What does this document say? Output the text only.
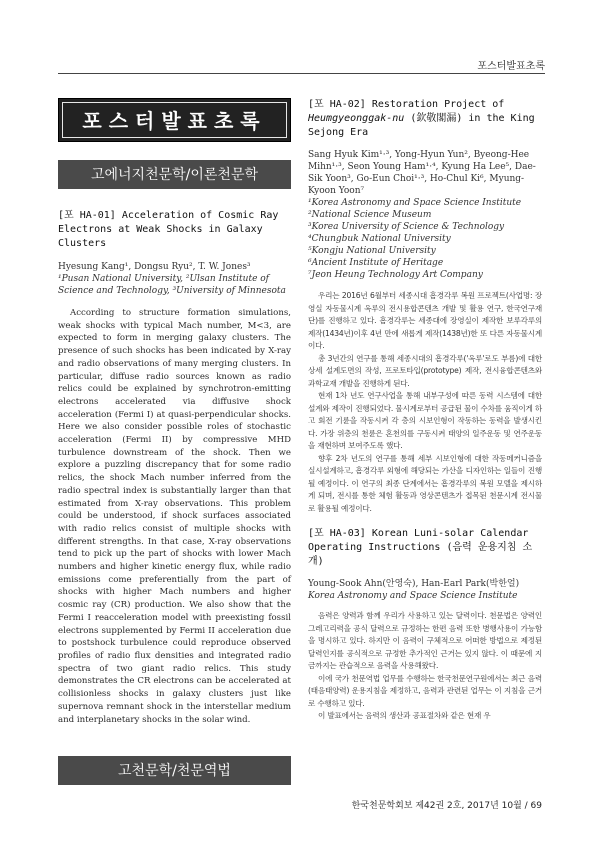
포스터발표초록
포스터발표초록
고에너지천문학/이론천문학
[포 HA-01] Acceleration of Cosmic Ray Electrons at Weak Shocks in Galaxy Clusters
Hyesung Kang¹, Dongsu Ryu², T. W. Jones³
¹Pusan National University, ²Ulsan Institute of Science and Technology, ³University of Minnesota

According to structure formation simulations, weak shocks with typical Mach number, M<3, are expected to form in merging galaxy clusters. The presence of such shocks has been indicated by X-ray and radio observations of many merging clusters. In particular, diffuse radio sources known as radio relics could be explained by synchrotron-emitting electrons accelerated via diffusive shock acceleration (Fermi I) at quasi-perpendicular shocks. Here we also consider possible roles of stochastic acceleration (Fermi II) by compressive MHD turbulence downstream of the shock. Then we explore a puzzling discrepancy that for some radio relics, the shock Mach number inferred from the radio spectral index is substantially larger than that estimated from X-ray observations. This problem could be understood, if shock surfaces associated with radio relics consist of multiple shocks with different strengths. In that case, X-ray observations tend to pick up the part of shocks with lower Mach numbers and higher kinetic energy flux, while radio emissions come preferentially from the part of shocks with higher Mach numbers and higher cosmic ray (CR) production. We also show that the Fermi I reacceleration model with preexisting fossil electrons supplemented by Fermi II acceleration due to postshock turbulence could reproduce observed profiles of radio flux densities and integrated radio spectra of two giant radio relics. This study demonstrates the CR electrons can be accelerated at collisionless shocks in galaxy clusters just like supernova remnant shock in the interstellar medium and interplanetary shocks in the solar wind.

고천문학/천문역법
[포 HA-02] Restoration Project of Heumgyeonggak-nu (欽敬閣漏) in the King Sejong Era
Sang Hyuk Kim¹·³, Yong-Hyun Yun², Byeong-Hee Mihn¹·³, Seon Young Ham¹·⁴, Kyung Ha Lee⁵, Dae-Sik Yoon³, Go-Eun Choi¹·³, Ho-Chul Ki⁶, Myung-Kyoon Yoon⁷
¹Korea Astronomy and Space Science Institute
²National Science Museum
³Korea University of Science & Technology
⁴Chungbuk National University
⁵Kongju National University
⁶Ancient Institute of Heritage
⁷Jeon Heung Technology Art Company

우리는 2016년 6월부터 세종시대 흠경각루 복원 프로젝트(사업명: 장영실 자동물시계 옥루의 전시용합콘텐츠 개발 및 활용 연구, 한국연구재단)를 진행하고 있다. 흠경각루는 세종대에 장영실이 제작한 보루각루의 제작(1434년)이후 4년 만에 새롭게 제작(1438년)한 또 다른 자동물시계이다.

총 3년간의 연구를 통해 세종시대의 흠경각루('옥루'로도 부름)에 대한 상세 설계도면의 작성, 프로토타입(prototype) 제작, 전시융합콘텐츠와 과학교재 개발을 진행하게 된다.

현재 1차 년도 연구사업을 통해 내부구성에 따른 동력 시스템에 대한 설계와 제작이 진행되었다. 물시계로부터 공급된 물이 수차를 움직이게 하고 회전 기륜을 작동시켜 각 층의 시보인형이 작동하는 동력을 발생시킨다. 가장 위층의 천륜은 혼천의를 구동시켜 태양의 일주운동 및 연주운동을 재현하며 보여주도록 했다.

향후 2차 년도의 연구를 통해 세부 시보인형에 대한 작동메커니즘을 실시설계하고, 흠경각루 외형에 해당되는 가산을 디자인하는 일들이 진행될 예정이다. 이 연구의 최종 단계에서는 흠경각루의 복원 모델을 제시하게 되며, 전시를 통한 체험 활동과 영상콘텐츠가 접목된 천문시계 전시물로 활용될 예정이다.

[포 HA-03] Korean Luni-solar Calendar Operating Instructions (음력 운용지침 소개)
Young-Sook Ahn(안영숙), Han-Earl Park(박한얼)
Korea Astronomy and Space Science Institute

음력은 양력과 함께 우리가 사용하고 있는 달력이다. 천문법은 양력인 그레고리력을 공식 달력으로 규정하는 한편 음력 또한 병행사용이 가능함을 명시하고 있다. 하지만 이 음력이 구체적으로 어떠한 방법으로 제정된 달력인지를 공식적으로 규정한 추가적인 근거는 있지 않다. 이 때문에 지금까지는 관습적으로 음력을 사용해왔다.

이에 국가 천문역법 업무를 수행하는 한국천문연구원에서는 최근 음력(태음태양력) 운용지침을 제정하고, 음력과 관련된 업무는 이 지침을 근거로 수행하고 있다.

이 발표에서는 음력의 생산과 공표절차와 같은 현재 우

한국천문학회보 제42권 2호, 2017년 10월 / 69
